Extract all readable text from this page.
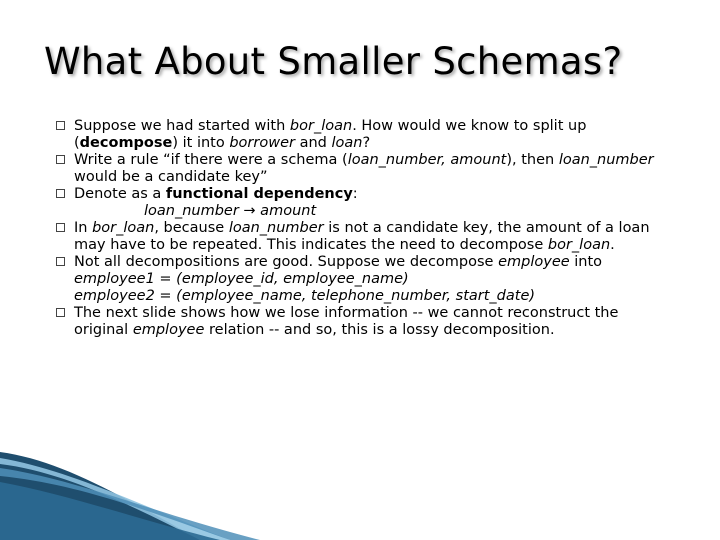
What About Smaller Schemas?
Suppose we had started with bor_loan. How would we know to split up (decompose) it into borrower and loan?
Write a rule “if there were a schema (loan_number, amount), then loan_number would be a candidate key”
Denote as a functional dependency:
loan_number → amount
In bor_loan, because loan_number is not a candidate key, the amount of a loan may have to be repeated. This indicates the need to decompose bor_loan.
Not all decompositions are good. Suppose we decompose employee into
employee1 = (employee_id, employee_name)
employee2 = (employee_name, telephone_number, start_date)
The next slide shows how we lose information -- we cannot reconstruct the original employee relation -- and so, this is a lossy decomposition.
